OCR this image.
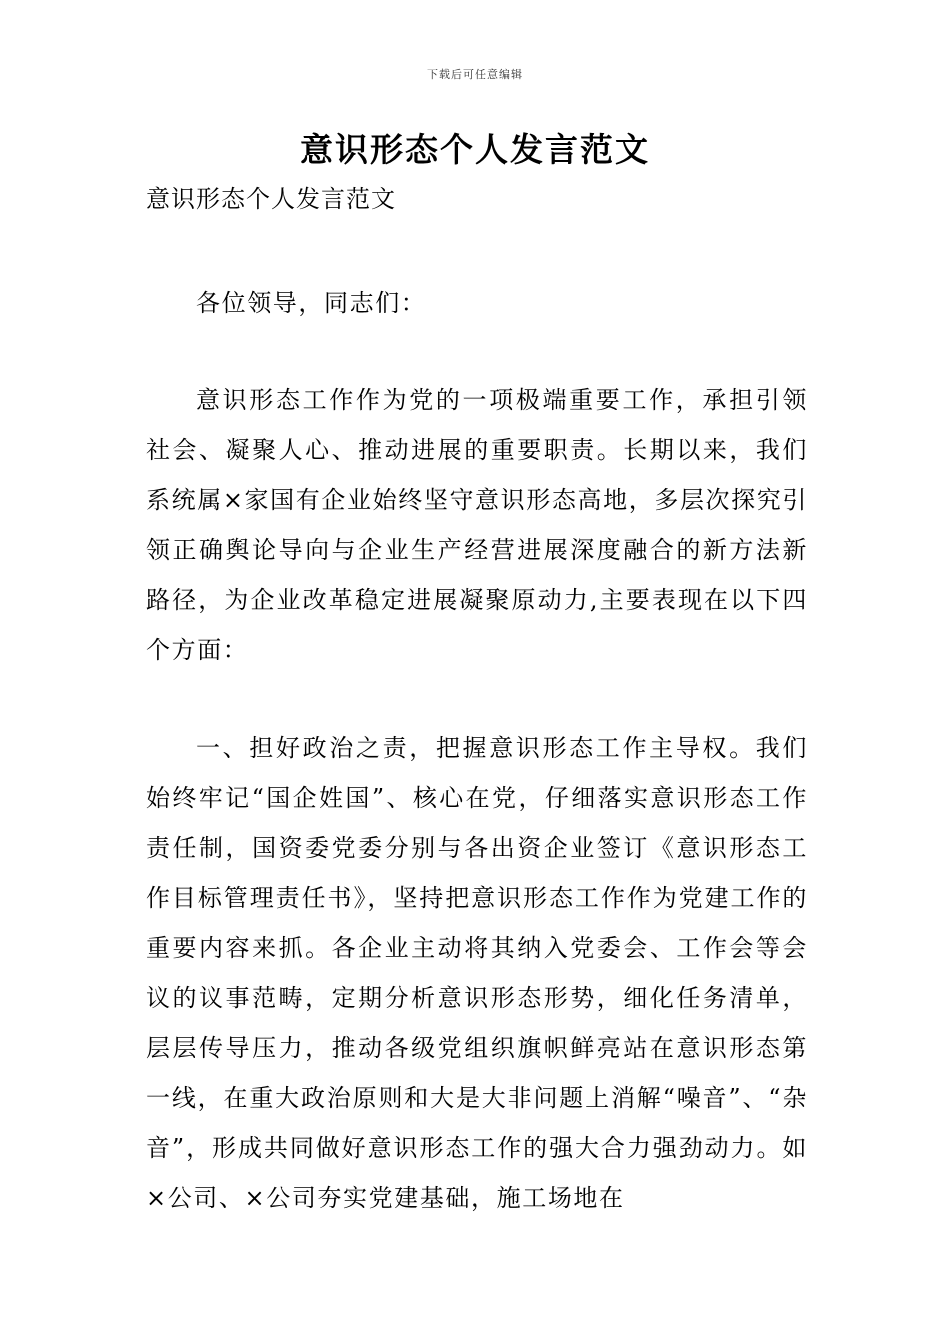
下载后可任意编辑
意识形态个人发言范文

意识形态个人发言范文

各位领导，同志们：

意识形态工作作为党的一项极端重要工作，承担引领社会、凝聚人心、推动进展的重要职责。长期以来，我们系统属×家国有企业始终坚守意识形态高地，多层次探究引领正确舆论导向与企业生产经营进展深度融合的新方法新路径，为企业改革稳定进展凝聚原动力,主要表现在以下四个方面：

一、担好政治之责，把握意识形态工作主导权。我们始终牢记“国企姓国”、核心在党，仔细落实意识形态工作责任制，国资委党委分别与各出资企业签订《意识形态工作目标管理责任书》，坚持把意识形态工作作为党建工作的重要内容来抓。各企业主动将其纳入党委会、工作会等会议的议事范畴，定期分析意识形态形势，细化任务清单，层层传导压力，推动各级党组织旗帜鲜亮站在意识形态第一线，在重大政治原则和大是大非问题上消解“噪音”、“杂音”，形成共同做好意识形态工作的强大合力强劲动力。如×公司、×公司夯实党建基础，施工场地在
